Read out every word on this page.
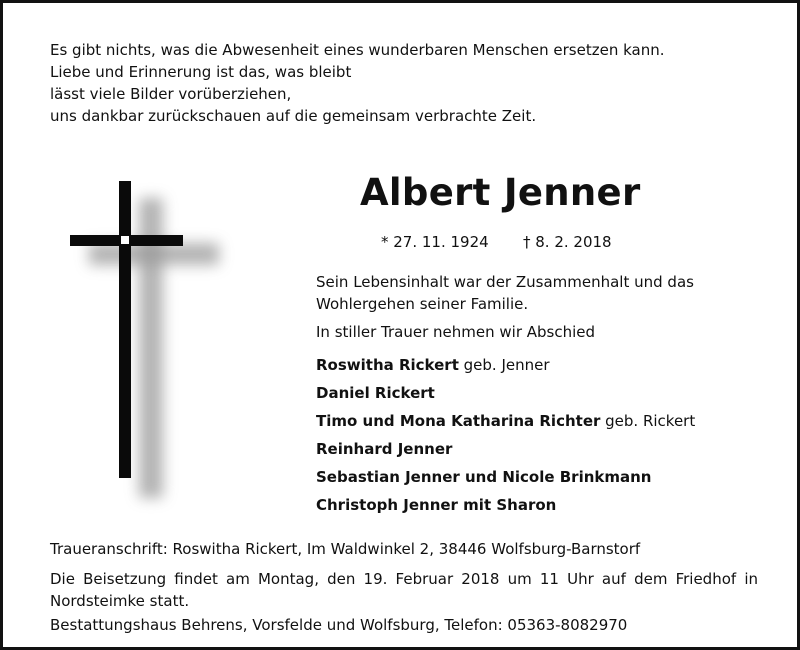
Es gibt nichts, was die Abwesenheit eines wunderbaren Menschen ersetzen kann.
Liebe und Erinnerung ist das, was bleibt
lässt viele Bilder vorüberziehen,
uns dankbar zurückschauen auf die gemeinsam verbrachte Zeit.
Albert Jenner
* 27. 11. 1924 † 8. 2. 2018
Sein Lebensinhalt war der Zusammenhalt und das
Wohlergehen seiner Familie.
In stiller Trauer nehmen wir Abschied
Roswitha Rickert geb. Jenner
Daniel Rickert
Timo und Mona Katharina Richter geb. Rickert
Reinhard Jenner
Sebastian Jenner und Nicole Brinkmann
Christoph Jenner mit Sharon
Traueranschrift: Roswitha Rickert, Im Waldwinkel 2, 38446 Wolfsburg-Barnstorf
Die Beisetzung findet am Montag, den 19. Februar 2018 um 11 Uhr auf dem Friedhof in Nordsteimke statt.
Bestattungshaus Behrens, Vorsfelde und Wolfsburg, Telefon: 05363-8082970
